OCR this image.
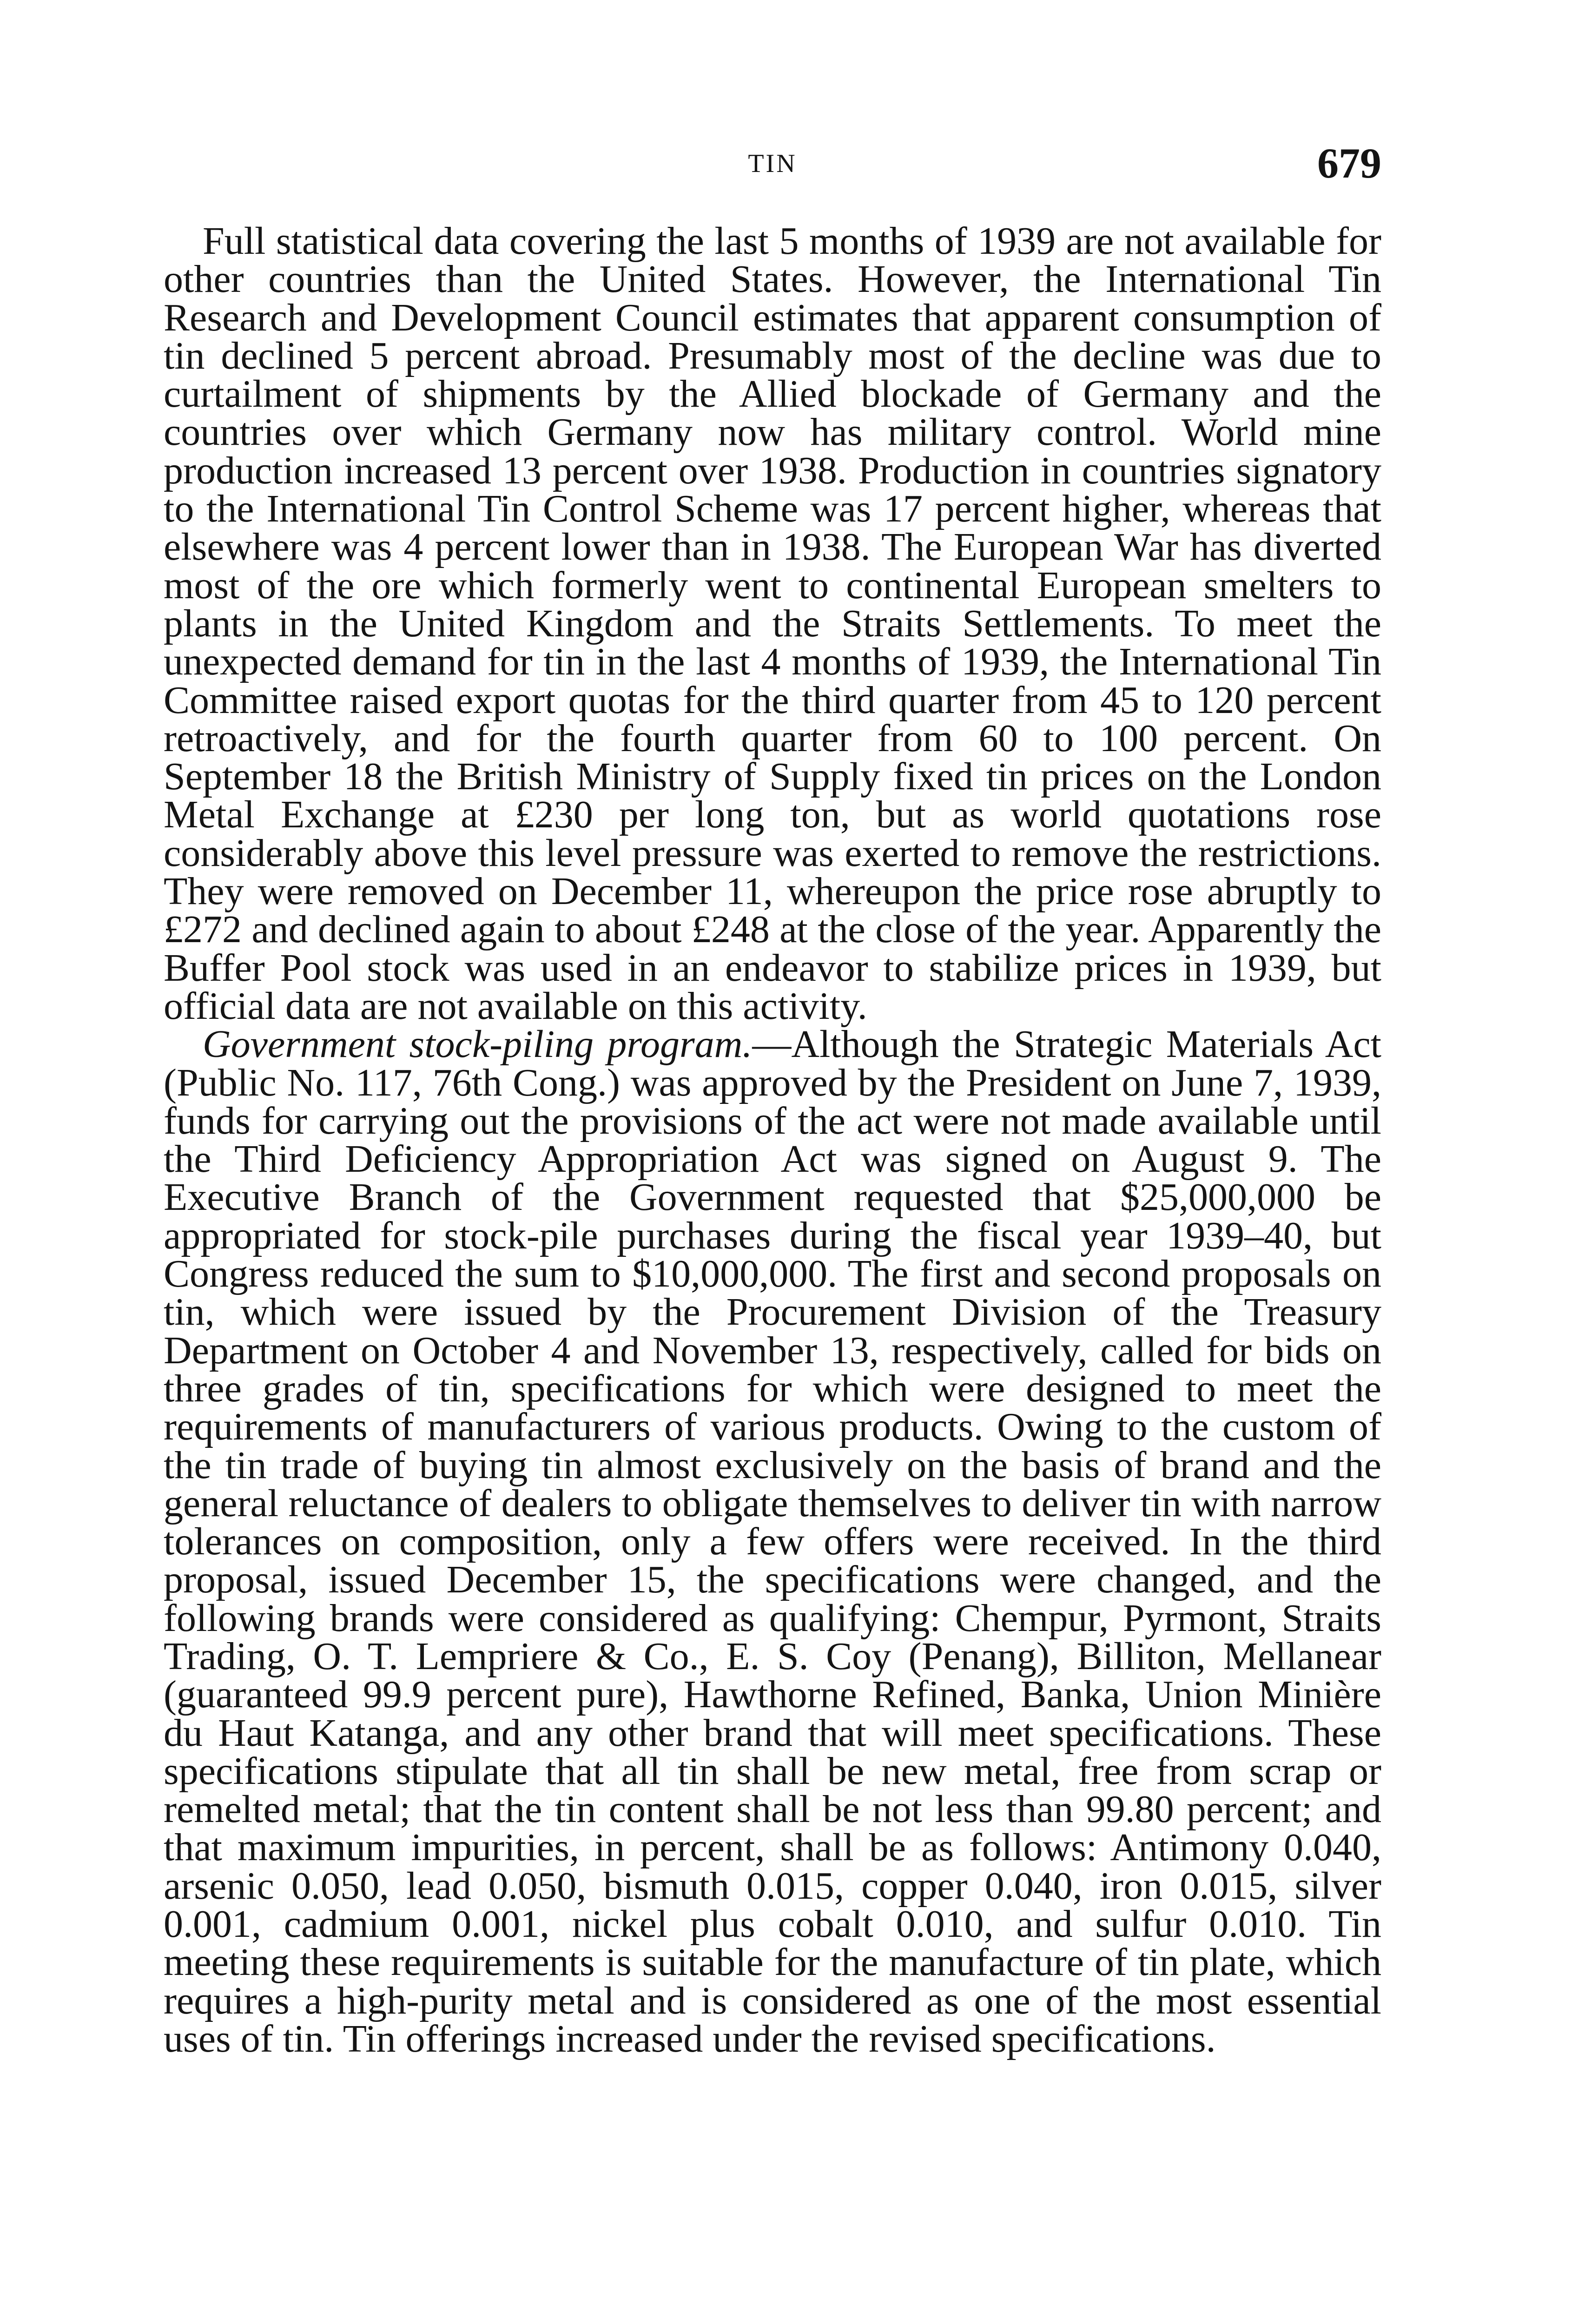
TIN	679

Full statistical data covering the last 5 months of 1939 are not available for other countries than the United States. However, the International Tin Research and Development Council estimates that apparent consumption of tin declined 5 percent abroad. Presumably most of the decline was due to curtailment of shipments by the Allied blockade of Germany and the countries over which Germany now has military control. World mine production increased 13 percent over 1938. Production in countries signatory to the International Tin Control Scheme was 17 percent higher, whereas that elsewhere was 4 percent lower than in 1938. The European War has diverted most of the ore which formerly went to continental European smelters to plants in the United Kingdom and the Straits Settlements. To meet the unexpected demand for tin in the last 4 months of 1939, the International Tin Committee raised export quotas for the third quarter from 45 to 120 percent retroactively, and for the fourth quarter from 60 to 100 percent. On September 18 the British Ministry of Supply fixed tin prices on the London Metal Exchange at £230 per long ton, but as world quotations rose considerably above this level pressure was exerted to remove the restrictions. They were removed on December 11, whereupon the price rose abruptly to £272 and declined again to about £248 at the close of the year. Apparently the Buffer Pool stock was used in an endeavor to stabilize prices in 1939, but official data are not available on this activity.

Government stock-piling program.—Although the Strategic Materials Act (Public No. 117, 76th Cong.) was approved by the President on June 7, 1939, funds for carrying out the provisions of the act were not made available until the Third Deficiency Appropriation Act was signed on August 9. The Executive Branch of the Government requested that $25,000,000 be appropriated for stock-pile purchases during the fiscal year 1939–40, but Congress reduced the sum to $10,000,000. The first and second proposals on tin, which were issued by the Procurement Division of the Treasury Department on October 4 and November 13, respectively, called for bids on three grades of tin, specifications for which were designed to meet the requirements of manufacturers of various products. Owing to the custom of the tin trade of buying tin almost exclusively on the basis of brand and the general reluctance of dealers to obligate themselves to deliver tin with narrow tolerances on composition, only a few offers were received. In the third proposal, issued December 15, the specifications were changed, and the following brands were considered as qualifying: Chempur, Pyrmont, Straits Trading, O. T. Lempriere & Co., E. S. Coy (Penang), Billiton, Mellanear (guaranteed 99.9 percent pure), Hawthorne Refined, Banka, Union Minière du Haut Katanga, and any other brand that will meet specifications. These specifications stipulate that all tin shall be new metal, free from scrap or remelted metal; that the tin content shall be not less than 99.80 percent; and that maximum impurities, in percent, shall be as follows: Antimony 0.040, arsenic 0.050, lead 0.050, bismuth 0.015, copper 0.040, iron 0.015, silver 0.001, cadmium 0.001, nickel plus cobalt 0.010, and sulfur 0.010. Tin meeting these requirements is suitable for the manufacture of tin plate, which requires a high-purity metal and is considered as one of the most essential uses of tin. Tin offerings increased under the revised specifications.
